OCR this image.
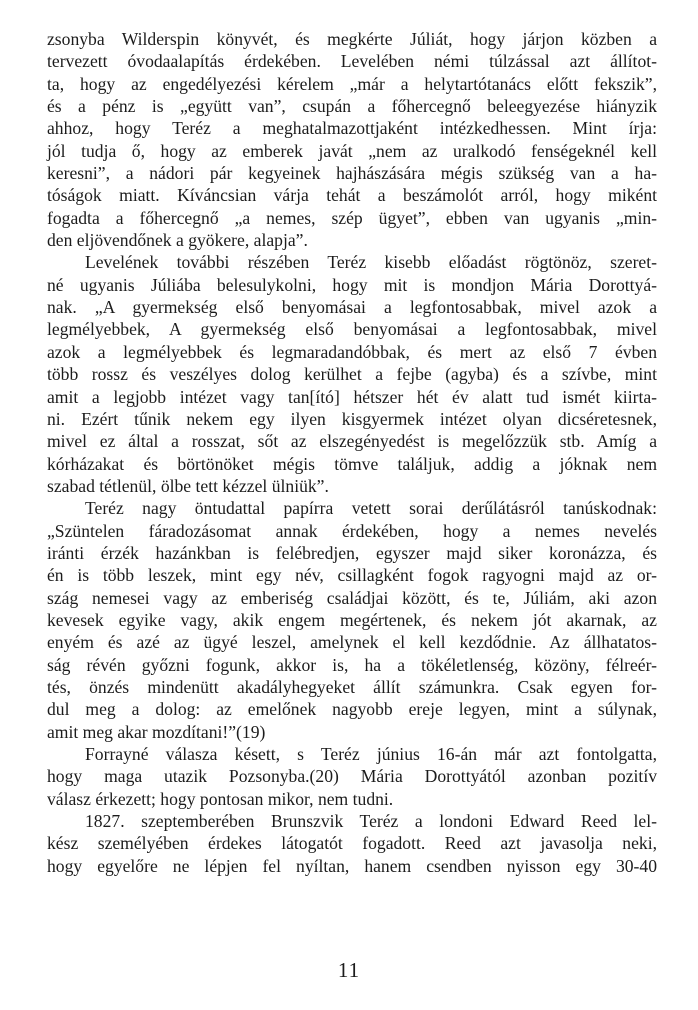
zsonyba Wilderspin könyvét, és megkérte Júliát, hogy járjon közben a
tervezett óvodaalapítás érdekében. Levelében némi túlzással azt állítot-
ta, hogy az engedélyezési kérelem „már a helytartótanács előtt fekszik”,
és a pénz is „együtt van”, csupán a főhercegnő beleegyezése hiányzik
ahhoz, hogy Teréz a meghatalmazottjaként intézkedhessen. Mint írja:
jól tudja ő, hogy az emberek javát „nem az uralkodó fenségeknél kell
keresni”, a nádori pár kegyeinek hajhászására mégis szükség van a ha-
tóságok miatt. Kíváncsian várja tehát a beszámolót arról, hogy miként
fogadta a főhercegnő „a nemes, szép ügyet”, ebben van ugyanis „min-
den eljövendőnek a gyökere, alapja”.
Levelének további részében Teréz kisebb előadást rögtönöz, szeret-
né ugyanis Júliába belesulykolni, hogy mit is mondjon Mária Dorottyá-
nak. „A gyermekség első benyomásai a legfontosabbak, mivel azok a
legmélyebbek, A gyermekség első benyomásai a legfontosabbak, mivel
azok a legmélyebbek és legmaradandóbbak, és mert az első 7 évben
több rossz és veszélyes dolog kerülhet a fejbe (agyba) és a szívbe, mint
amit a legjobb intézet vagy tan[ító] hétszer hét év alatt tud ismét kiirta-
ni. Ezért tűnik nekem egy ilyen kisgyermek intézet olyan dicséretesnek,
mivel ez által a rosszat, sőt az elszegényedést is megelőzzük stb. Amíg a
kórházakat és börtönöket mégis tömve találjuk, addig a jóknak nem
szabad tétlenül, ölbe tett kézzel ülniük”.
Teréz nagy öntudattal papírra vetett sorai derűlátásról tanúskodnak:
„Szüntelen fáradozásomat annak érdekében, hogy a nemes nevelés
iránti érzék hazánkban is felébredjen, egyszer majd siker koronázza, és
én is több leszek, mint egy név, csillagként fogok ragyogni majd az or-
szág nemesei vagy az emberiség családjai között, és te, Júliám, aki azon
kevesek egyike vagy, akik engem megértenek, és nekem jót akarnak, az
enyém és azé az ügyé leszel, amelynek el kell kezdődnie. Az állhatatos-
ság révén győzni fogunk, akkor is, ha a tökéletlenség, közöny, félreér-
tés, önzés mindenütt akadályhegyeket állít számunkra. Csak egyen for-
dul meg a dolog: az emelőnek nagyobb ereje legyen, mint a súlynak,
amit meg akar mozdítani!”(19)
Forrayné válasza késett, s Teréz június 16-án már azt fontolgatta,
hogy maga utazik Pozsonyba.(20) Mária Dorottyától azonban pozitív
válasz érkezett; hogy pontosan mikor, nem tudni.
1827. szeptemberében Brunszvik Teréz a londoni Edward Reed lel-
kész személyében érdekes látogatót fogadott. Reed azt javasolja neki,
hogy egyelőre ne lépjen fel nyíltan, hanem csendben nyisson egy 30-40
11
